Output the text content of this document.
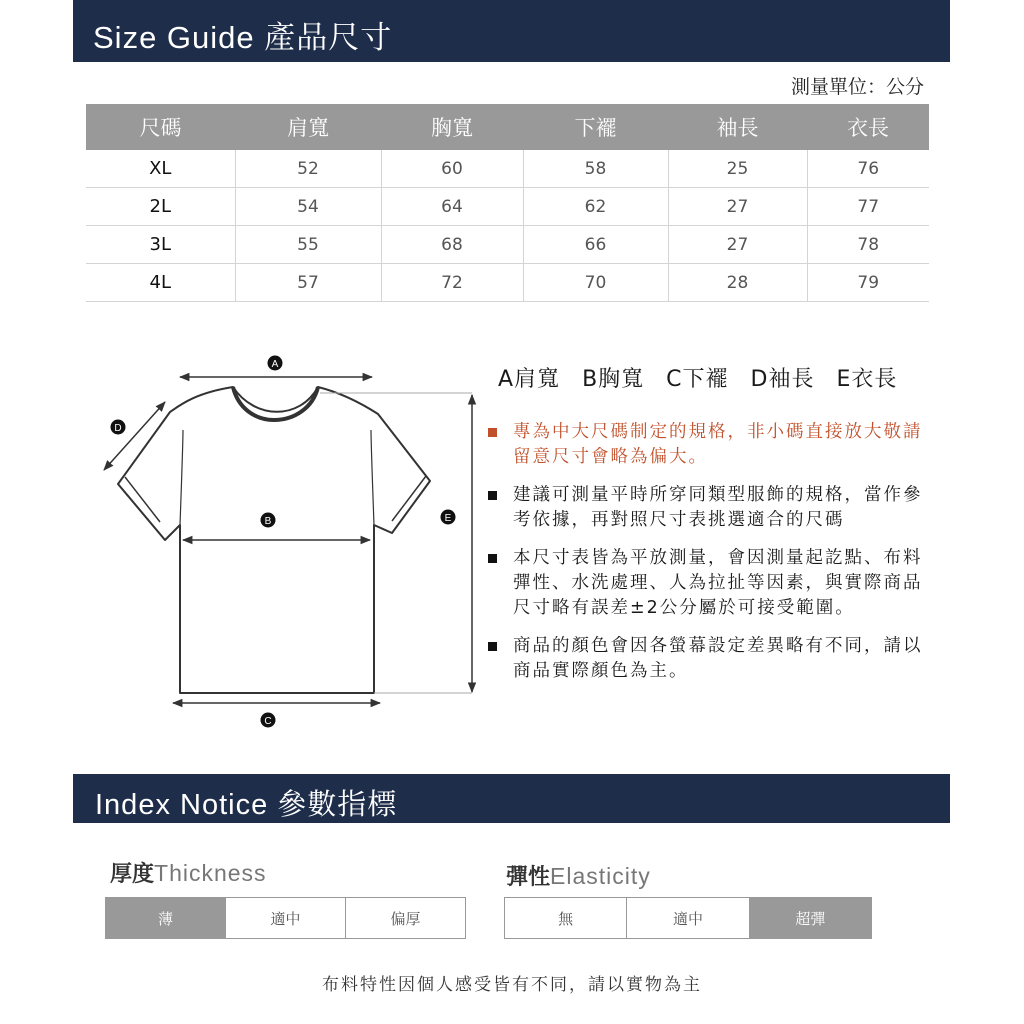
Size Guide 產品尺寸
測量單位：公分
尺碼	肩寬	胸寬	下襬	袖長	衣長
XL	52	60	58	25	76
2L	54	64	62	27	77
3L	55	68	66	27	78
4L	57	72	70	28	79
A
B
C
D
E
A肩寬 B胸寬 C下襬 D袖長 E衣長
專為中大尺碼制定的規格，非小碼直接放大敬請留意尺寸會略為偏大。
建議可測量平時所穿同類型服飾的規格，當作參考依據，再對照尺寸表挑選適合的尺碼
本尺寸表皆為平放測量，會因測量起訖點、布料彈性、水洗處理、人為拉扯等因素，與實際商品尺寸略有誤差±2公分屬於可接受範圍。
商品的顏色會因各螢幕設定差異略有不同，請以商品實際顏色為主。
Index Notice 參數指標
厚度Thickness	彈性Elasticity
薄	適中	偏厚	無	適中	超彈
布料特性因個人感受皆有不同，請以實物為主
